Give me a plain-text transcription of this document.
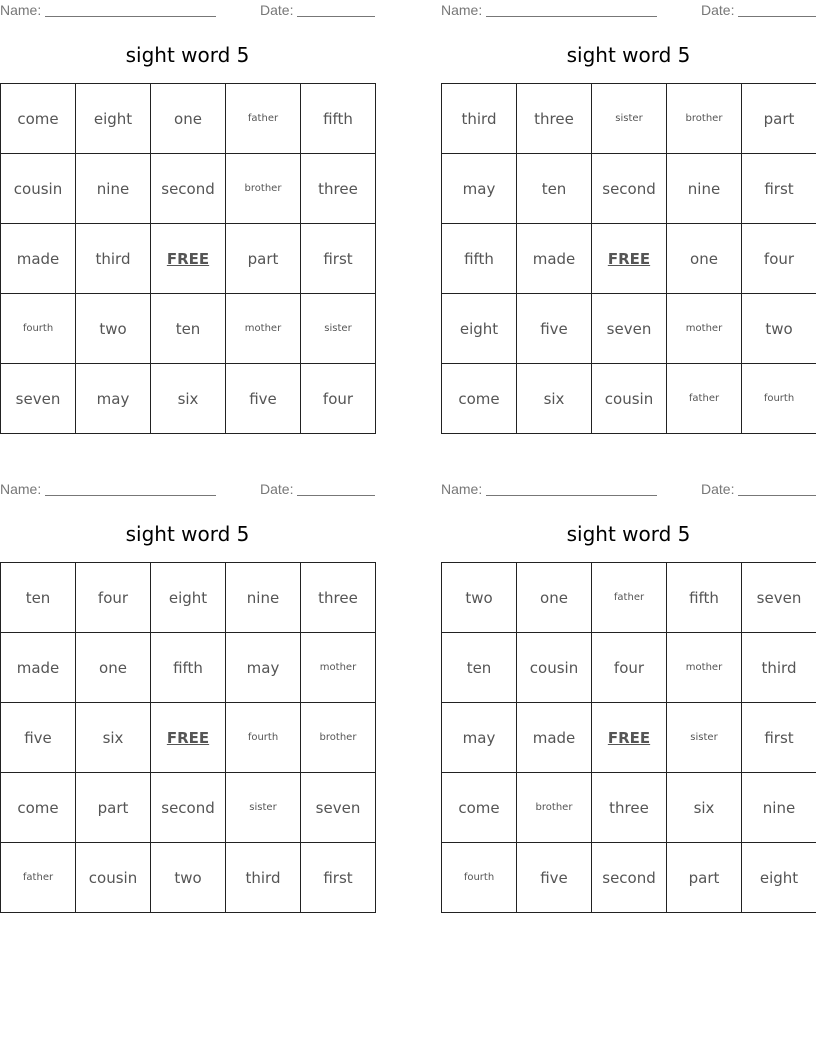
Name:	Date:
sight word 5
come	eight	one	father	fifth
cousin	nine	second	brother	three
made	third	FREE	part	first
fourth	two	ten	mother	sister
seven	may	six	five	four
Name:	Date:
sight word 5
third	three	sister	brother	part
may	ten	second	nine	first
fifth	made	FREE	one	four
eight	five	seven	mother	two
come	six	cousin	father	fourth
Name:	Date:
sight word 5
ten	four	eight	nine	three
made	one	fifth	may	mother
five	six	FREE	fourth	brother
come	part	second	sister	seven
father	cousin	two	third	first
Name:	Date:
sight word 5
two	one	father	fifth	seven
ten	cousin	four	mother	third
may	made	FREE	sister	first
come	brother	three	six	nine
fourth	five	second	part	eight
